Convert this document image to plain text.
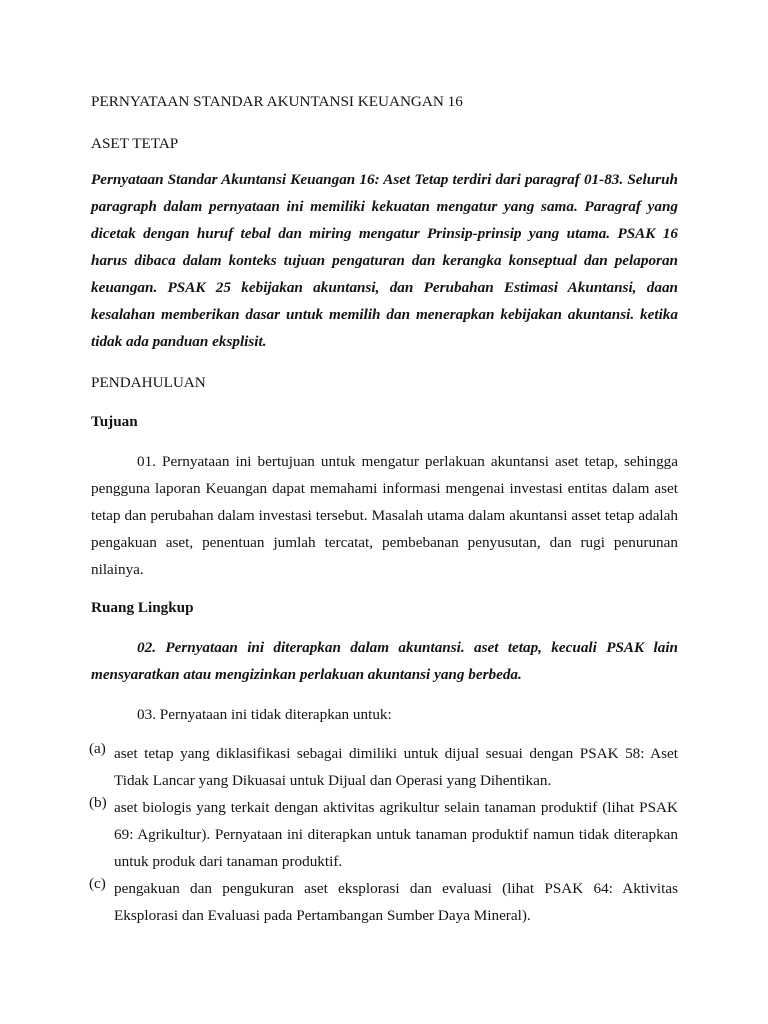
PERNYATAAN STANDAR AKUNTANSI KEUANGAN 16
ASET TETAP

Pernyataan Standar Akuntansi Keuangan 16: Aset Tetap terdiri dari paragraf 01-83. Seluruh paragraph dalam pernyataan ini memiliki kekuatan mengatur yang sama. Paragraf yang dicetak dengan huruf tebal dan miring mengatur Prinsip-prinsip yang utama. PSAK 16 harus dibaca dalam konteks tujuan pengaturan dan kerangka konseptual dan pelaporan keuangan. PSAK 25 kebijakan akuntansi, dan Perubahan Estimasi Akuntansi, daan kesalahan memberikan dasar untuk memilih dan menerapkan kebijakan akuntansi. ketika tidak ada panduan eksplisit.

PENDAHULUAN
Tujuan

01. Pernyataan ini bertujuan untuk mengatur perlakuan akuntansi aset tetap, sehingga pengguna laporan Keuangan dapat memahami informasi mengenai investasi entitas dalam aset tetap dan perubahan dalam investasi tersebut. Masalah utama dalam akuntansi asset tetap adalah pengakuan aset, penentuan jumlah tercatat, pembebanan penyusutan, dan rugi penurunan nilainya.

Ruang Lingkup

02. Pernyataan ini diterapkan dalam akuntansi. aset tetap, kecuali PSAK lain mensyaratkan atau mengizinkan perlakuan akuntansi yang berbeda.

03. Pernyataan ini tidak diterapkan untuk:

(a) aset tetap yang diklasifikasi sebagai dimiliki untuk dijual sesuai dengan PSAK 58: Aset Tidak Lancar yang Dikuasai untuk Dijual dan Operasi yang Dihentikan.

(b) aset biologis yang terkait dengan aktivitas agrikultur selain tanaman produktif (lihat PSAK 69: Agrikultur). Pernyataan ini diterapkan untuk tanaman produktif namun tidak diterapkan untuk produk dari tanaman produktif.

(c) pengakuan dan pengukuran aset eksplorasi dan evaluasi (lihat PSAK 64: Aktivitas Eksplorasi dan Evaluasi pada Pertambangan Sumber Daya Mineral).
